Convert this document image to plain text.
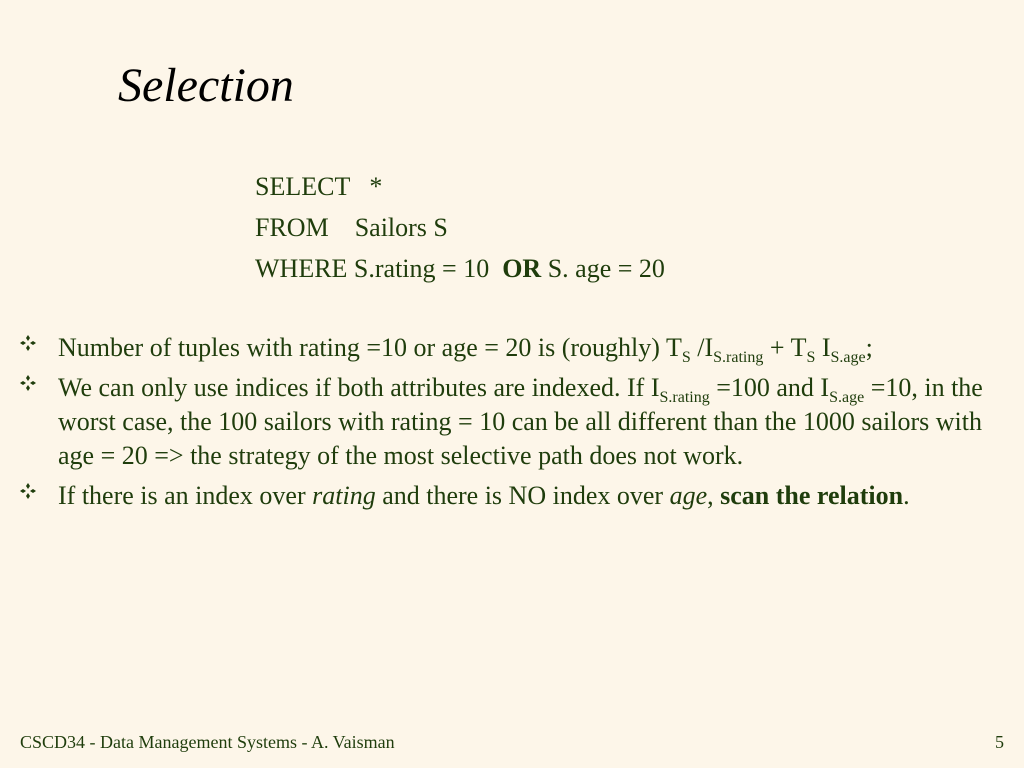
Selection
SELECT *
FROM Sailors S
WHERE S.rating = 10 OR S. age = 20
Number of tuples with rating =10 or age = 20 is (roughly) $T_S$ $/I_{S.rating} + T_S$ $I_{S.age}$;
We can only use indices if both attributes are indexed. If $I_{S.rating} =100$ and $I_{S.age} =10$, in the worst case, the 100 sailors with rating = 10 can be all different than the 1000 sailors with age = 20 => the strategy of the most selective path does not work.
If there is an index over rating and there is NO index over age, scan the relation.
CSCD34 - Data Management Systems - A. Vaisman	5
